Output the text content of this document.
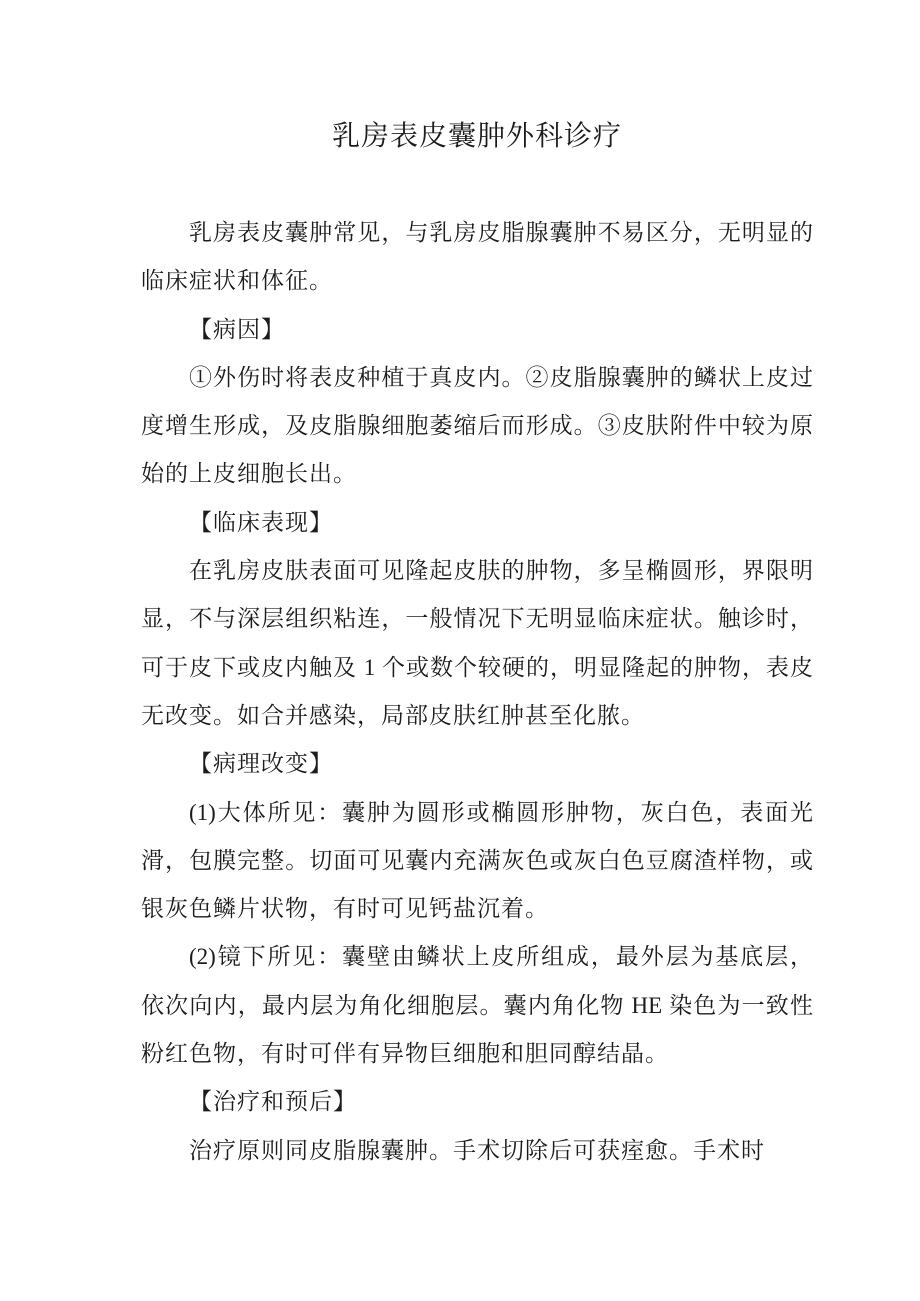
乳房表皮囊肿外科诊疗
乳房表皮囊肿常见，与乳房皮脂腺囊肿不易区分，无明显的
临床症状和体征。
【病因】
①外伤时将表皮种植于真皮内。②皮脂腺囊肿的鳞状上皮过
度增生形成，及皮脂腺细胞萎缩后而形成。③皮肤附件中较为原
始的上皮细胞长出。
【临床表现】
在乳房皮肤表面可见隆起皮肤的肿物，多呈椭圆形，界限明
显，不与深层组织粘连，一般情况下无明显临床症状。触诊时，
可于皮下或皮内触及 1 个或数个较硬的，明显隆起的肿物，表皮
无改变。如合并感染，局部皮肤红肿甚至化脓。
【病理改变】
(1)大体所见：囊肿为圆形或椭圆形肿物，灰白色，表面光
滑，包膜完整。切面可见囊内充满灰色或灰白色豆腐渣样物，或
银灰色鳞片状物，有时可见钙盐沉着。
(2)镜下所见：囊壁由鳞状上皮所组成，最外层为基底层，
依次向内，最内层为角化细胞层。囊内角化物 HE 染色为一致性
粉红色物，有时可伴有异物巨细胞和胆同醇结晶。
【治疗和预后】
治疗原则同皮脂腺囊肿。手术切除后可获痓愈。手术时
